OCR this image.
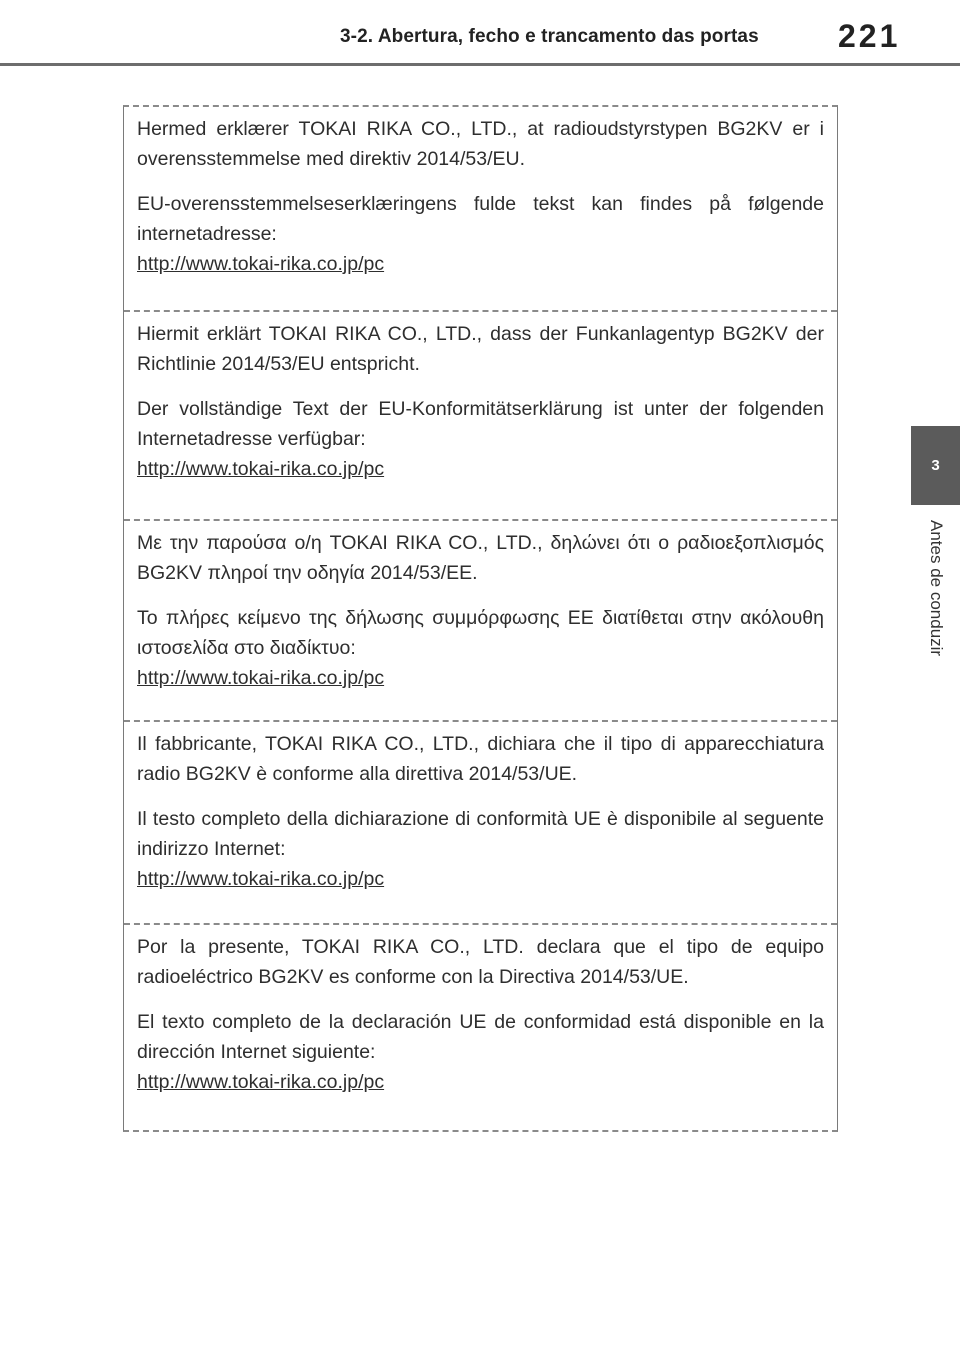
3-2. Abertura, fecho e trancamento das portas 221
3
Antes de conduzir

Hermed erklærer TOKAI RIKA CO., LTD., at radioudstyrstypen BG2KV er i overensstemmelse med direktiv 2014/53/EU.

EU-overensstemmelseserklæringens fulde tekst kan findes på følgende internetadresse:

http://www.tokai-rika.co.jp/pc

Hiermit erklärt TOKAI RIKA CO., LTD., dass der Funkanlagentyp BG2KV der Richtlinie 2014/53/EU entspricht.

Der vollständige Text der EU-Konformitätserklärung ist unter der folgenden Internetadresse verfügbar:

http://www.tokai-rika.co.jp/pc

Με την παρούσα ο/η TOKAI RIKA CO., LTD., δηλώνει ότι ο ραδιοεξοπλισμός BG2KV πληροί την οδηγία 2014/53/ΕΕ.

Το πλήρες κείμενο της δήλωσης συμμόρφωσης ΕΕ διατίθεται στην ακόλουθη ιστοσελίδα στο διαδίκτυο:

http://www.tokai-rika.co.jp/pc

Il fabbricante, TOKAI RIKA CO., LTD., dichiara che il tipo di apparecchiatura radio BG2KV è conforme alla direttiva 2014/53/UE.

Il testo completo della dichiarazione di conformità UE è disponibile al seguente indirizzo Internet:

http://www.tokai-rika.co.jp/pc

Por la presente, TOKAI RIKA CO., LTD. declara que el tipo de equipo radioeléctrico BG2KV es conforme con la Directiva 2014/53/UE.

El texto completo de la declaración UE de conformidad está disponible en la dirección Internet siguiente:

http://www.tokai-rika.co.jp/pc
